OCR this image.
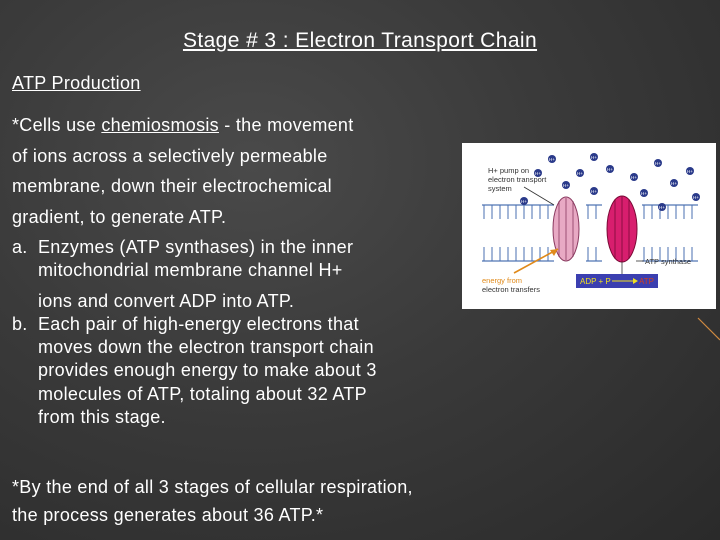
Stage # 3 : Electron Transport Chain
ATP Production
*Cells use chemiosmosis - the movement
of ions across a selectively permeable
membrane, down their electrochemical
gradient, to generate ATP.
a. Enzymes (ATP synthases) in the inner
mitochondrial membrane channel H+
ions and convert ADP into ATP.
b. Each pair of high-energy electrons that
moves down the electron transport chain
provides enough energy to make about 3
molecules of ATP, totaling about 32 ATP
from this stage.
*By the end of all 3 stages of cellular respiration,
the process generates about 36 ATP.*
H+	H+
H+	H+
H+
H+
H+
H+
H+
H+
H+
H+
H+
H+
H+
H+ pump on
electron transport
system
ATP synthase
energy from
electron transfers
ADP + P	ATP
